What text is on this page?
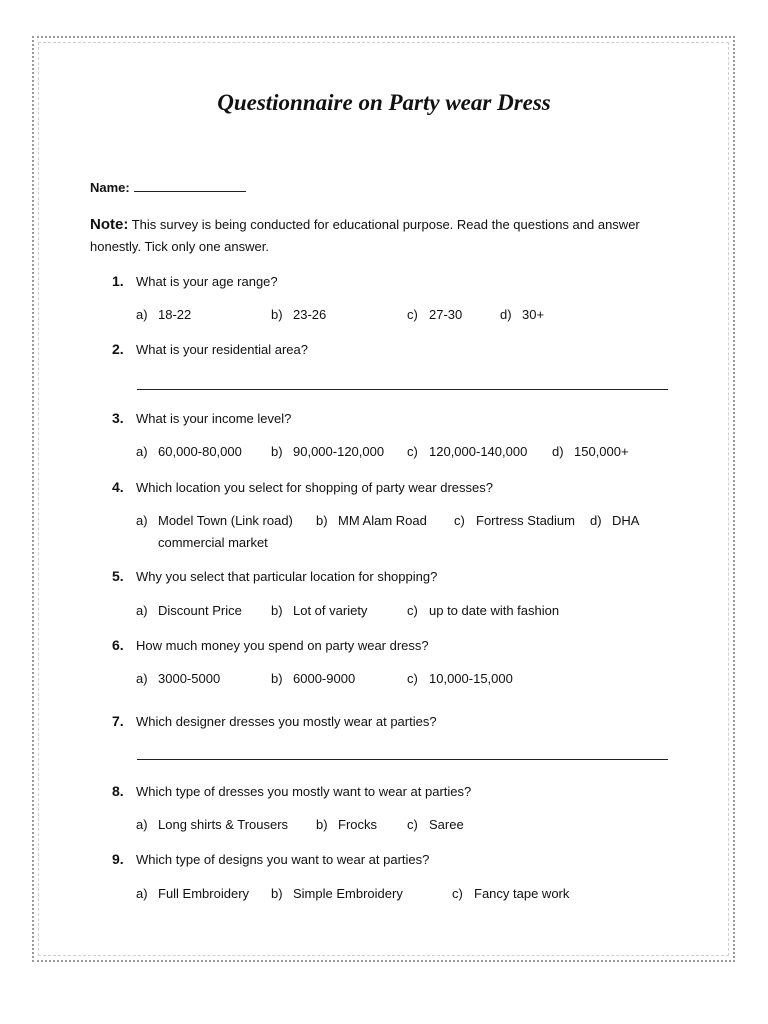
Questionnaire on Party wear Dress
Name:
Note: This survey is being conducted for educational purpose. Read the questions and answer honestly. Tick only one answer.
1. What is your age range?
a) 18-22	b) 23-26	c) 27-30	d) 30+
2. What is your residential area?
3. What is your income level?
a) 60,000-80,000 b) 90,000-120,000 c) 120,000-140,000 d) 150,000+
4. Which location you select for shopping of party wear dresses?
a) Model Town (Link road) b) MM Alam Road c) Fortress Stadium d) DHA
commercial market
5. Why you select that particular location for shopping?
a) Discount Price b) Lot of variety	c) up to date with fashion
6. How much money you spend on party wear dress?
a) 3000-5000	b) 6000-9000	c) 10,000-15,000
7. Which designer dresses you mostly wear at parties?
8. Which type of dresses you mostly want to wear at parties?
a) Long shirts & Trousers b) Frocks c) Saree
9. Which type of designs you want to wear at parties?
a) Full Embroidery b) Simple Embroidery	c) Fancy tape work
